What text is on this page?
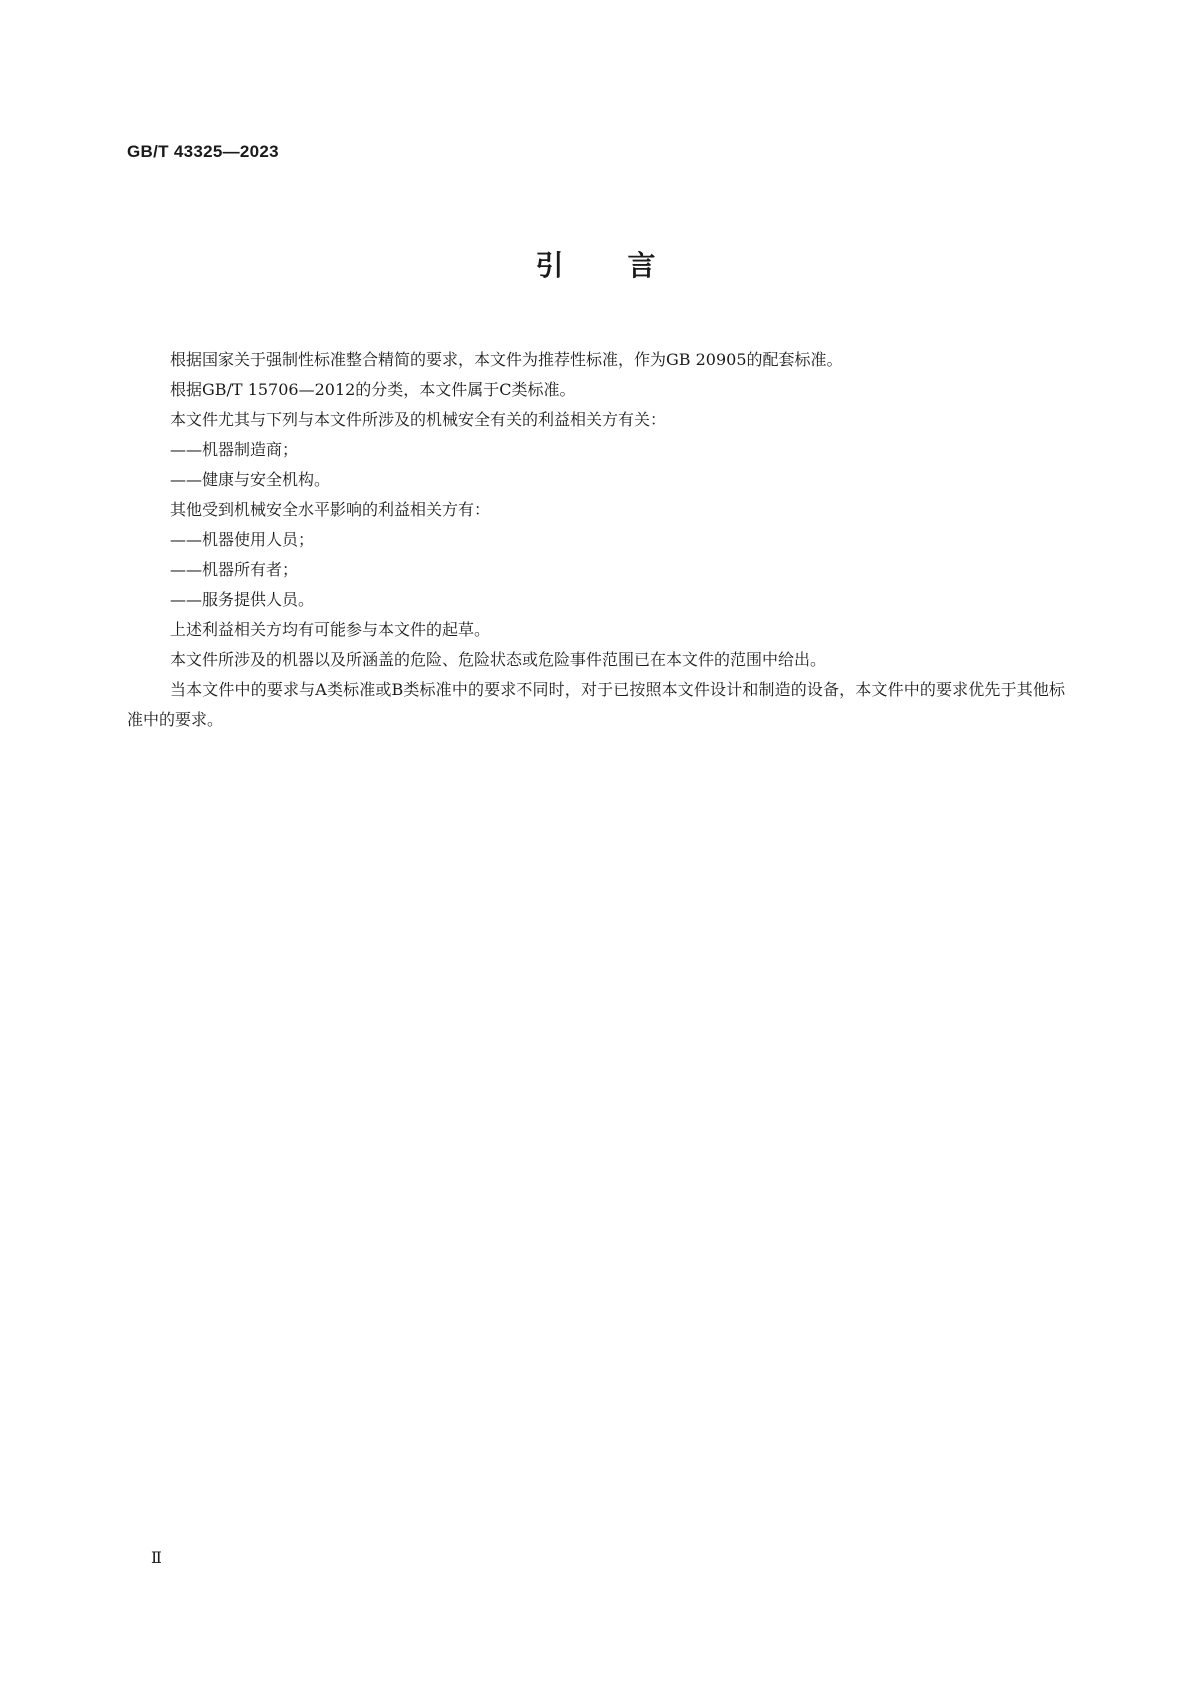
GB/T 43325—2023
引 言

根据国家关于强制性标准整合精简的要求，本文件为推荐性标准，作为GB 20905的配套标准。

根据GB/T 15706—2012的分类，本文件属于C类标准。

本文件尤其与下列与本文件所涉及的机械安全有关的利益相关方有关：

——机器制造商；

——健康与安全机构。

其他受到机械安全水平影响的利益相关方有：

——机器使用人员；

——机器所有者；

——服务提供人员。

上述利益相关方均有可能参与本文件的起草。

本文件所涉及的机器以及所涵盖的危险、危险状态或危险事件范围已在本文件的范围中给出。

当本文件中的要求与A类标准或B类标准中的要求不同时，对于已按照本文件设计和制造的设备，本文件中的要求优先于其他标准中的要求。

Ⅱ
